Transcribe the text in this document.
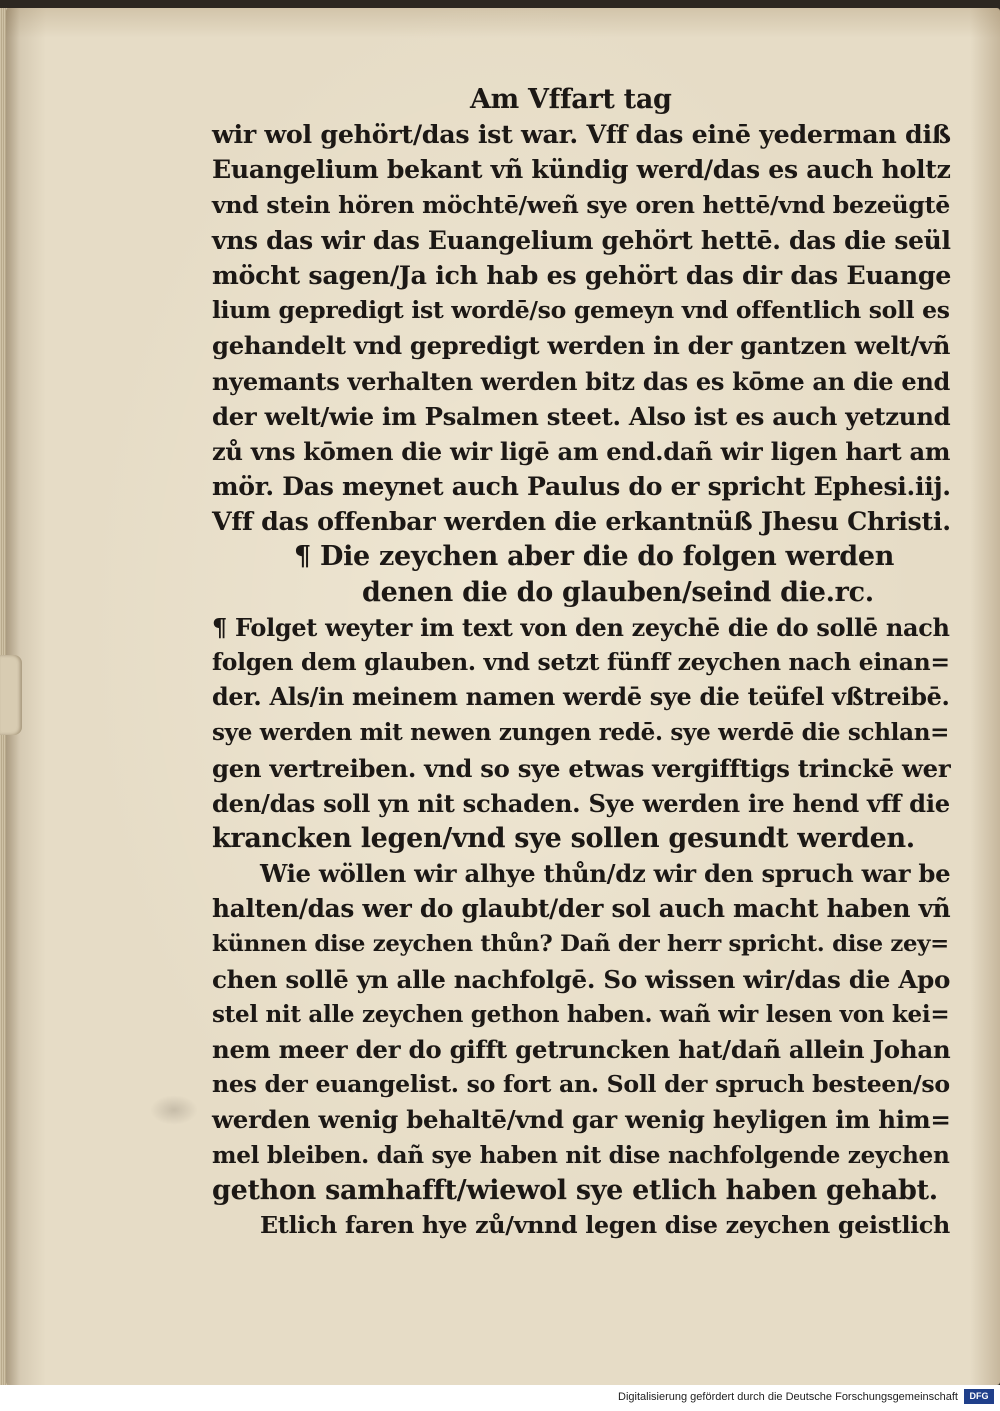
Am Vffart tag
wir wol gehört/das ist war. Vff das einē yederman diß
Euangelium bekant vñ kündig werd/das es auch holtz
vnd stein hören möchtē/weñ sye oren hettē/vnd bezeügtē
vns das wir das Euangelium gehört hettē. das die seül
möcht sagen/Ja ich hab es gehört das dir das Euange
lium gepredigt ist wordē/so gemeyn vnd offentlich soll es
gehandelt vnd gepredigt werden in der gantzen welt/vñ
nyemants verhalten werden bitz das es kōme an die end
der welt/wie im Psalmen steet. Also ist es auch yetzund
zů vns kōmen die wir ligē am end.dañ wir ligen hart am
mör. Das meynet auch Paulus do er spricht Ephesi.iij.
Vff das offenbar werden die erkantnüß Jhesu Christi.
¶ Die zeychen aber die do folgen werden
denen die do glauben/seind die.rc.
¶ Folget weyter im text von den zeychē die do sollē nach
folgen dem glauben. vnd setzt fünff zeychen nach einan=
der. Als/in meinem namen werdē sye die teüfel vßtreibē.
sye werden mit newen zungen redē. sye werdē die schlan=
gen vertreiben. vnd so sye etwas vergifftigs trinckē wer
den/das soll yn nit schaden. Sye werden ire hend vff die
krancken legen/vnd sye sollen gesundt werden.
Wie wöllen wir alhye thůn/dz wir den spruch war be
halten/das wer do glaubt/der sol auch macht haben vñ
künnen dise zeychen thůn? Dañ der herr spricht. dise zey=
chen sollē yn alle nachfolgē. So wissen wir/das die Apo
stel nit alle zeychen gethon haben. wañ wir lesen von kei=
nem meer der do gifft getruncken hat/dañ allein Johan
nes der euangelist. so fort an. Soll der spruch besteen/so
werden wenig behaltē/vnd gar wenig heyligen im him=
mel bleiben. dañ sye haben nit dise nachfolgende zeychen
gethon samhafft/wiewol sye etlich haben gehabt.
Etlich faren hye zů/vnnd legen dise zeychen geistlich
Digitalisierung gefördert durch die Deutsche Forschungsgemeinschaft	DFG
